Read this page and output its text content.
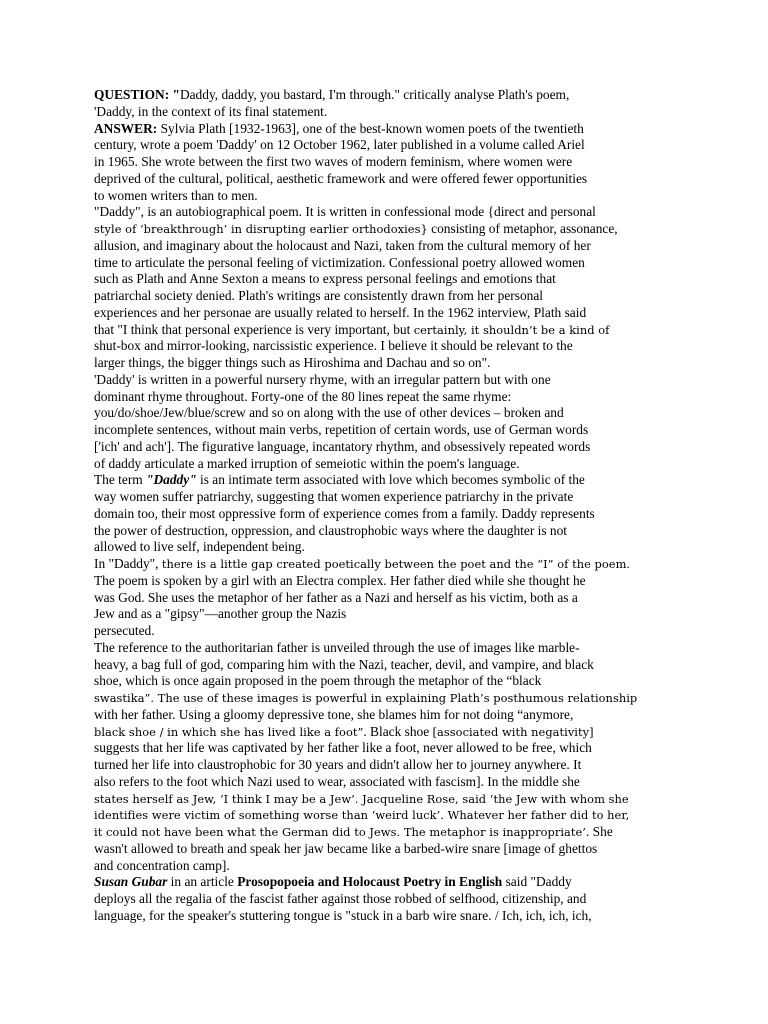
QUESTION: "Daddy, daddy, you bastard, I'm through." critically analyse Plath's poem,
'Daddy, in the context of its final statement.
ANSWER: Sylvia Plath [1932-1963], one of the best-known women poets of the twentieth
century, wrote a poem 'Daddy' on 12 October 1962, later published in a volume called Ariel
in 1965. She wrote between the first two waves of modern feminism, where women were
deprived of the cultural, political, aesthetic framework and were offered fewer opportunities
to women writers than to men.
"Daddy", is an autobiographical poem. It is written in confessional mode {direct and personal
style of ‘breakthrough’ in disrupting earlier orthodoxies} consisting of metaphor, assonance,
allusion, and imaginary about the holocaust and Nazi, taken from the cultural memory of her
time to articulate the personal feeling of victimization. Confessional poetry allowed women
such as Plath and Anne Sexton a means to express personal feelings and emotions that
patriarchal society denied. Plath's writings are consistently drawn from her personal
experiences and her personae are usually related to herself. In the 1962 interview, Plath said
that "I think that personal experience is very important, but certainly, it shouldn’t be a kind of
shut-box and mirror-looking, narcissistic experience. I believe it should be relevant to the
larger things, the bigger things such as Hiroshima and Dachau and so on".
'Daddy' is written in a powerful nursery rhyme, with an irregular pattern but with one
dominant rhyme throughout. Forty-one of the 80 lines repeat the same rhyme:
you/do/shoe/Jew/blue/screw and so on along with the use of other devices – broken and
incomplete sentences, without main verbs, repetition of certain words, use of German words
['ich' and ach']. The figurative language, incantatory rhythm, and obsessively repeated words
of daddy articulate a marked irruption of semeiotic within the poem's language.
The term "Daddy" is an intimate term associated with love which becomes symbolic of the
way women suffer patriarchy, suggesting that women experience patriarchy in the private
domain too, their most oppressive form of experience comes from a family. Daddy represents
the power of destruction, oppression, and claustrophobic ways where the daughter is not
allowed to live self, independent being.
In "Daddy", there is a little gap created poetically between the poet and the “I” of the poem.
The poem is spoken by a girl with an Electra complex. Her father died while she thought he
was God. She uses the metaphor of her father as a Nazi and herself as his victim, both as a
Jew and as a "gipsy"—another group the Nazis
persecuted.
The reference to the authoritarian father is unveiled through the use of images like marble-
heavy, a bag full of god, comparing him with the Nazi, teacher, devil, and vampire, and black
shoe, which is once again proposed in the poem through the metaphor of the “black
swastika”. The use of these images is powerful in explaining Plath’s posthumous relationship
with her father. Using a gloomy depressive tone, she blames him for not doing “anymore,
black shoe / in which she has lived like a foot”. Black shoe [associated with negativity]
suggests that her life was captivated by her father like a foot, never allowed to be free, which
turned her life into claustrophobic for 30 years and didn't allow her to journey anywhere. It
also refers to the foot which Nazi used to wear, associated with fascism]. In the middle she
states herself as Jew, ‘I think I may be a Jew’. Jacqueline Rose, said ‘the Jew with whom she
identifies were victim of something worse than ‘weird luck’. Whatever her father did to her,
it could not have been what the German did to Jews. The metaphor is inappropriate’. She
wasn't allowed to breath and speak her jaw became like a barbed-wire snare [image of ghettos
and concentration camp].
Susan Gubar in an article Prosopopoeia and Holocaust Poetry in English said "Daddy
deploys all the regalia of the fascist father against those robbed of selfhood, citizenship, and
language, for the speaker's stuttering tongue is "stuck in a barb wire snare. / Ich, ich, ich, ich,
